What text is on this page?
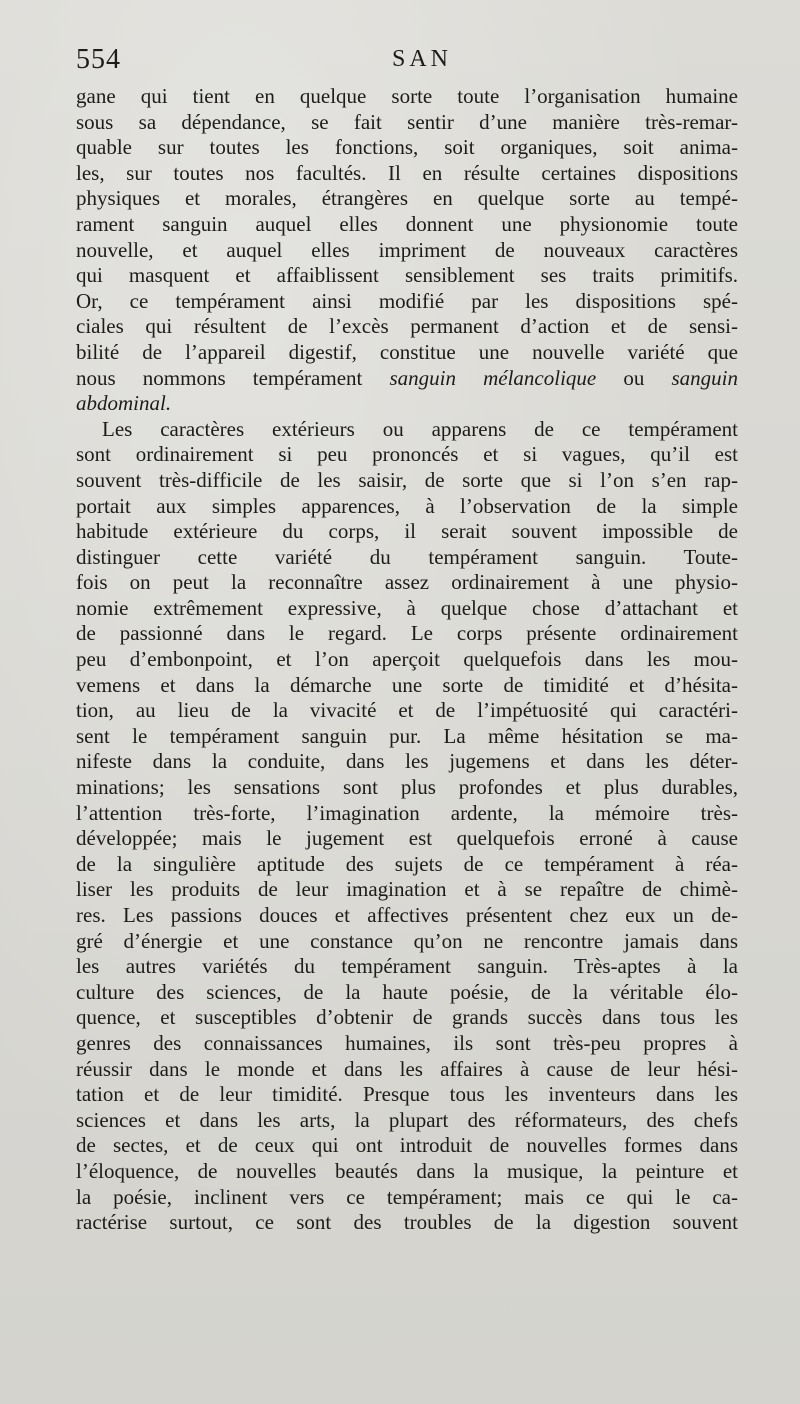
554	SAN
gane qui tient en quelque sorte toute l’organisation humaine
sous sa dépendance, se fait sentir d’une manière très-remar-
quable sur toutes les fonctions, soit organiques, soit anima-
les, sur toutes nos facultés. Il en résulte certaines dispositions
physiques et morales, étrangères en quelque sorte au tempé-
rament sanguin auquel elles donnent une physionomie toute
nouvelle, et auquel elles impriment de nouveaux caractères
qui masquent et affaiblissent sensiblement ses traits primitifs.
Or, ce tempérament ainsi modifié par les dispositions spé-
ciales qui résultent de l’excès permanent d’action et de sensi-
bilité de l’appareil digestif, constitue une nouvelle variété que
nous nommons tempérament sanguin mélancolique ou sanguin
abdominal.
Les caractères extérieurs ou apparens de ce tempérament
sont ordinairement si peu prononcés et si vagues, qu’il est
souvent très-difficile de les saisir, de sorte que si l’on s’en rap-
portait aux simples apparences, à l’observation de la simple
habitude extérieure du corps, il serait souvent impossible de
distinguer cette variété du tempérament sanguin. Toute-
fois on peut la reconnaître assez ordinairement à une physio-
nomie extrêmement expressive, à quelque chose d’attachant et
de passionné dans le regard. Le corps présente ordinairement
peu d’embonpoint, et l’on aperçoit quelquefois dans les mou-
vemens et dans la démarche une sorte de timidité et d’hésita-
tion, au lieu de la vivacité et de l’impétuosité qui caractéri-
sent le tempérament sanguin pur. La même hésitation se ma-
nifeste dans la conduite, dans les jugemens et dans les déter-
minations; les sensations sont plus profondes et plus durables,
l’attention très-forte, l’imagination ardente, la mémoire très-
développée; mais le jugement est quelquefois erroné à cause
de la singulière aptitude des sujets de ce tempérament à réa-
liser les produits de leur imagination et à se repaître de chimè-
res. Les passions douces et affectives présentent chez eux un de-
gré d’énergie et une constance qu’on ne rencontre jamais dans
les autres variétés du tempérament sanguin. Très-aptes à la
culture des sciences, de la haute poésie, de la véritable élo-
quence, et susceptibles d’obtenir de grands succès dans tous les
genres des connaissances humaines, ils sont très-peu propres à
réussir dans le monde et dans les affaires à cause de leur hési-
tation et de leur timidité. Presque tous les inventeurs dans les
sciences et dans les arts, la plupart des réformateurs, des chefs
de sectes, et de ceux qui ont introduit de nouvelles formes dans
l’éloquence, de nouvelles beautés dans la musique, la peinture et
la poésie, inclinent vers ce tempérament; mais ce qui le ca-
ractérise surtout, ce sont des troubles de la digestion souvent
